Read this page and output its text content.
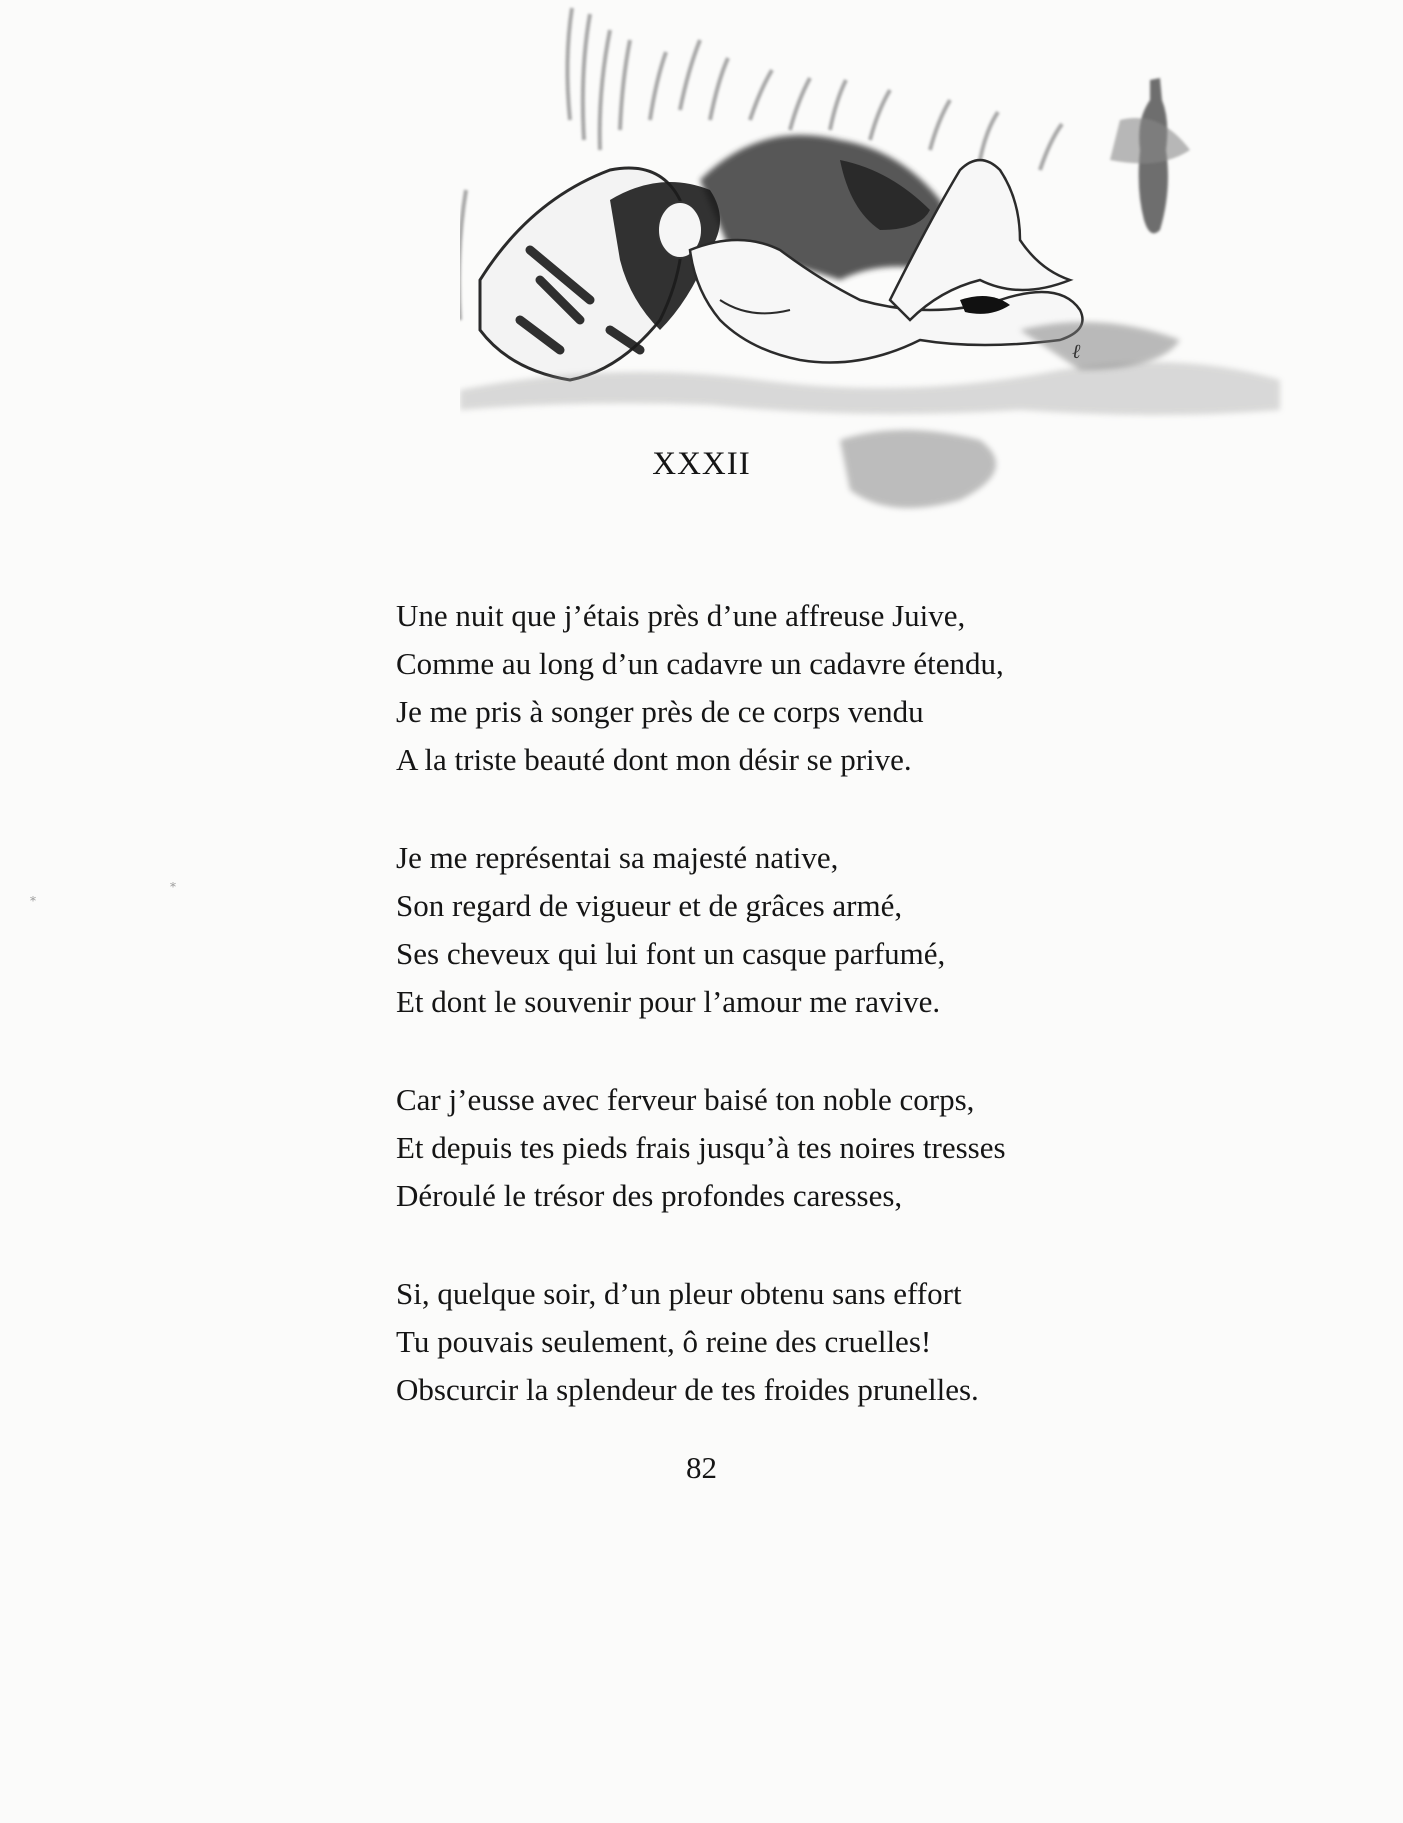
ℓ
XXXII
Une nuit que j’étais près d’une affreuse Juive,
Comme au long d’un cadavre un cadavre étendu,
Je me pris à songer près de ce corps vendu
A la triste beauté dont mon désir se prive.
Je me représentai sa majesté native,
Son regard de vigueur et de grâces armé,
Ses cheveux qui lui font un casque parfumé,
Et dont le souvenir pour l’amour me ravive.
Car j’eusse avec ferveur baisé ton noble corps,
Et depuis tes pieds frais jusqu’à tes noires tresses
Déroulé le trésor des profondes caresses,
Si, quelque soir, d’un pleur obtenu sans effort
Tu pouvais seulement, ô reine des cruelles!
Obscurcir la splendeur de tes froides prunelles.
82
⁎
⁎
